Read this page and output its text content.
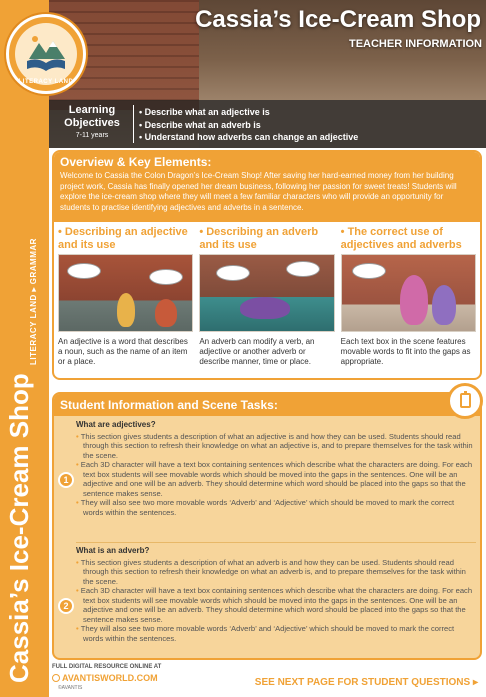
Cassia’s Ice-Cream Shop
LITERACY LAND ▸ GRAMMAR
Cassia’s Ice-Cream Shop
TEACHER INFORMATION
LITERACY LAND
Learning Objectives
7-11 years
• Describe what an adjective is
• Describe what an adverb is
• Understand how adverbs can change an adjective
Overview & Key Elements:
Welcome to Cassia the Colon Dragon’s Ice-Cream Shop! After saving her hard-earned money from her building project work, Cassia has finally opened her dream business, following her passion for sweet treats! Students will explore the ice-cream shop where they will meet a few familiar characters who will provide an opportunity for students to practise identifying adjectives and adverbs in a sentence.
• Describing an adjective and its use
An adjective is a word that describes a noun, such as the name of an item or a place.
• Describing an adverb and its use
An adverb can modify a verb, an adjective or another adverb or describe manner, time or place.
• The correct use of adjectives and adverbs
Each text box in the scene features movable words to fit into the gaps as appropriate.
Student Information and Scene Tasks:
1
What are adjectives?
• This section gives students a description of what an adjective is and how they can be used. Students should read through this section to refresh their knowledge on what an adjective is, and to prepare themselves for the task within the scene.
• Each 3D character will have a text box containing sentences which describe what the characters are doing. For each text box students will see movable words which should be moved into the gaps in the sentences. One will be an adjective and one will be an adverb. They should determine which word should be placed into the gaps so that the sentence makes sense.
• They will also see two more movable words ‘Adverb’ and ‘Adjective’ which should be moved to mark the correct words within the sentences.
2
What is an adverb?
• This section gives students a description of what an adverb is and how they can be used. Students should read through this section to refresh their knowledge on what an adverb is, and to prepare themselves for the task within the scene.
• Each 3D character will have a text box containing sentences which describe what the characters are doing. For each text box students will see movable words which should be moved into the gaps in the sentences. One will be an adjective and one will be an adverb. They should determine which word should be placed into the gaps so that the sentence makes sense.
• They will also see two more movable words ‘Adverb’ and ‘Adjective’ which should be moved to mark the correct words within the sentences.
FULL DIGITAL RESOURCE ONLINE AT
AVANTISWORLD.COM
©AVANTIS	SEE NEXT PAGE FOR STUDENT QUESTIONS ▸
